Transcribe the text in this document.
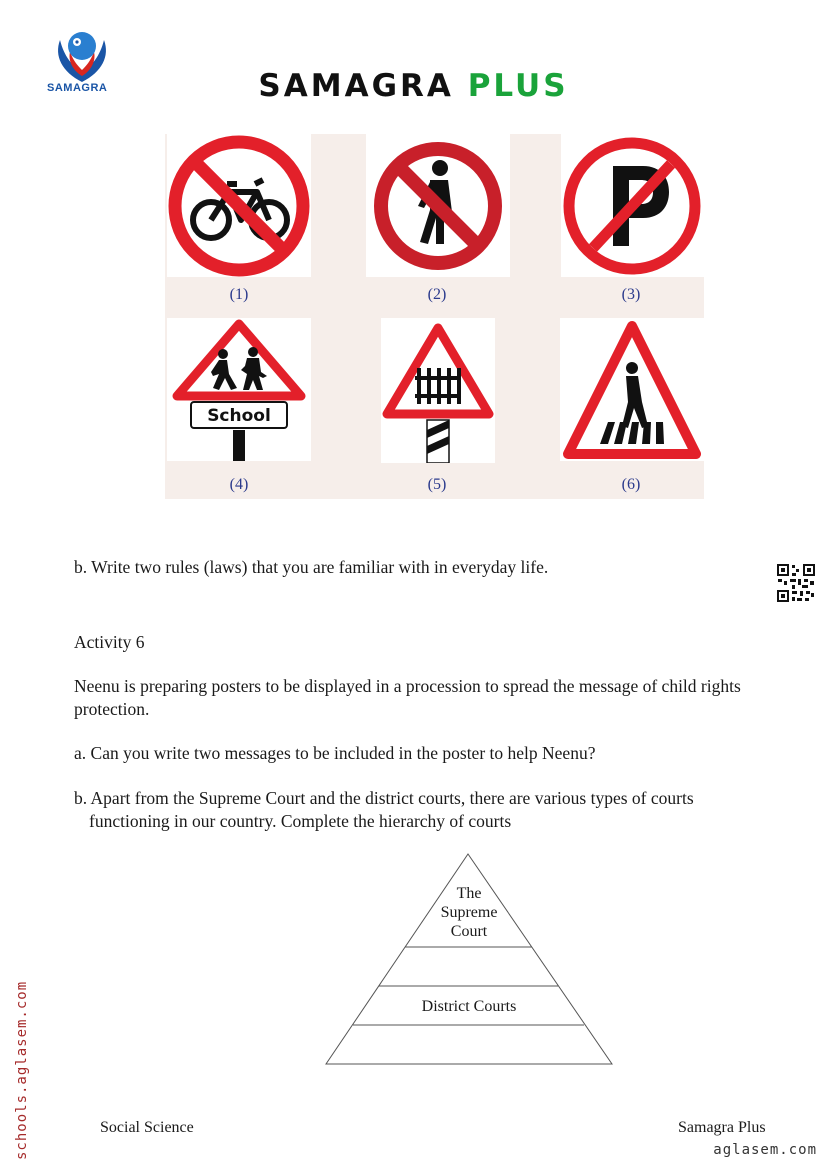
SAMAGRA	SAMAGRA PLUS
(1)	(2)	(3)
School
(4)	(5)	(6)
b. Write two rules (laws) that you are familiar with in everyday life.
Activity 6
Neenu is preparing posters to be displayed in a procession to spread the message of child rights protection.
a. Can you write two messages to be included in the poster to help Neenu?
b. Apart from the Supreme Court and the district courts, there are various types of courts
functioning in our country. Complete the hierarchy of courts
The
Supreme
Court
District Courts
schools.aglasem.com	Social Science	Samagra Plus
aglasem.com
